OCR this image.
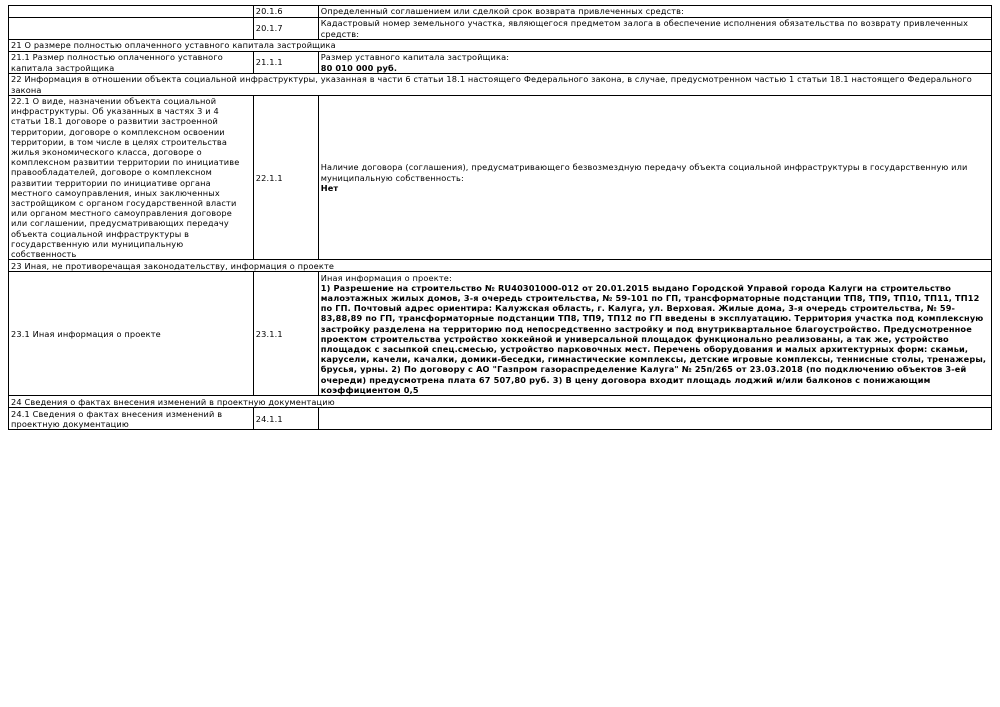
	20.1.6	Определенный соглашением или сделкой срок возврата привлеченных средств:
	20.1.7	Кадастровый номер земельного участка, являющегося предметом залога в обеспечение исполнения обязательства по возврату привлеченных средств:
21 О размере полностью оплаченного уставного капитала застройщика		
21.1 Размер полностью оплаченного уставного капитала застройщика	21.1.1	Размер уставного капитала застройщика:
80 010 000 руб.

22 Информация в отношении объекта социальной инфраструктуры, указанная в части 6 статьи 18.1 настоящего Федерального закона, в случае, предусмотренном частью 1 статьи 18.1 настоящего Федерального закона		
22.1 О виде, назначении объекта социальной инфраструктуры. Об указанных в частях 3 и 4 статьи 18.1 договоре о развитии застроенной территории, договоре о комплексном освоении территории, в том числе в целях строительства жилья экономического класса, договоре о комплексном развитии территории по инициативе правообладателей, договоре о комплексном развитии территории по инициативе органа местного самоуправления, иных заключенных застройщиком с органом государственной власти или органом местного самоуправления договоре или соглашении, предусматривающих передачу объекта социальной инфраструктуры в государственную или муниципальную собственность	22.1.1	Наличие договора (соглашения), предусматривающего безвозмездную передачу объекта социальной инфраструктуры в государственную или муниципальную собственность:
Нет

23 Иная, не противоречащая законодательству, информация о проекте		
23.1 Иная информация о проекте	23.1.1	Иная информация о проекте:
1) Разрешение на строительство № RU40301000-012 от 20.01.2015 выдано Городской Управой города Калуги на строительство малоэтажных жилых домов, 3-я очередь строительства, № 59-101 по ГП, трансформаторные подстанции ТП8, ТП9, ТП10, ТП11, ТП12 по ГП. Почтовый адрес ориентира: Калужская область, г. Калуга, ул. Верховая. Жилые дома, 3-я очередь строительства, № 59-83,88,89 по ГП, трансформаторные подстанции ТП8, ТП9, ТП12 по ГП введены в эксплуатацию. Территория участка под комплексную застройку разделена на территорию под непосредственно застройку и под внутриквартальное благоустройство. Предусмотренное проектом строительства устройство хоккейной и универсальной площадок функционально реализованы, а так же, устройство площадок с засыпкой спец.смесью, устройство парковочных мест. Перечень оборудования и малых архитектурных форм: скамьи, карусели, качели, качалки, домики-беседки, гимнастические комплексы, детские игровые комплексы, теннисные столы, тренажеры, брусья, урны. 2) По договору с АО "Газпром газораспределение Калуга" № 25п/265 от 23.03.2018 (по подключению объектов 3-ей очереди) предусмотрена плата 67 507,80 руб. 3) В цену договора входит площадь лоджий и/или балконов с понижающим коэффициентом 0,5

24 Сведения о фактах внесения изменений в проектную документацию		
24.1 Сведения о фактах внесения изменений в проектную документацию	24.1.1	
